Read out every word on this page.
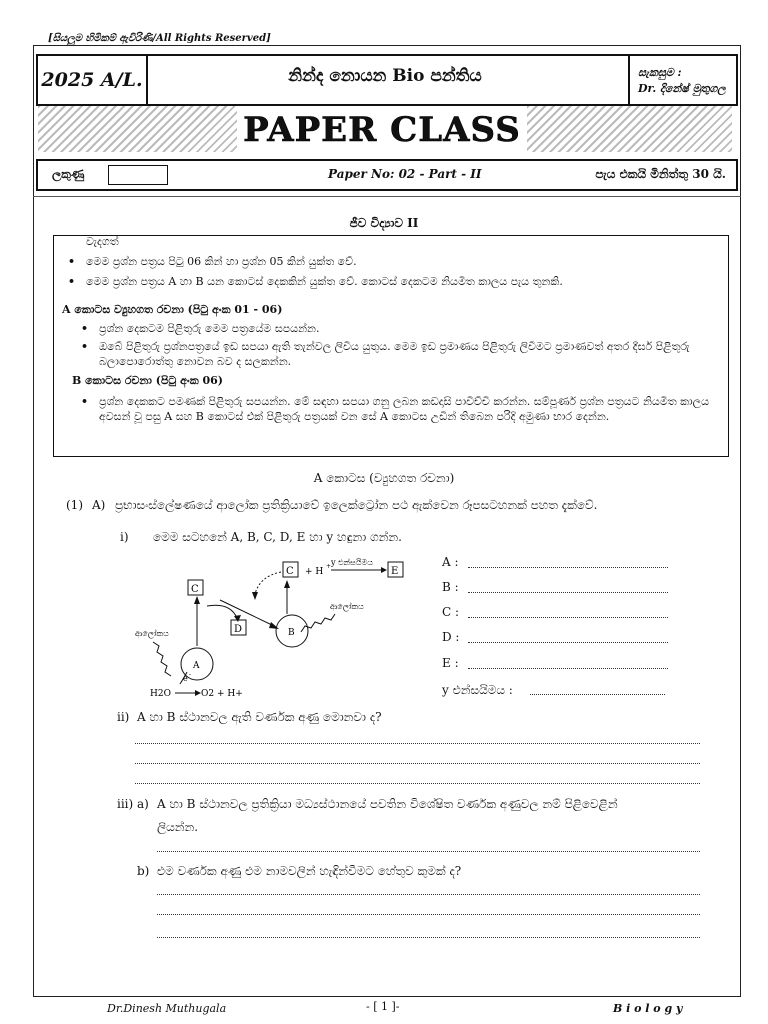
[සියලුම හිමිකම් ඇවිරිණි/All Rights Reserved]
2025 A/L.	නින්ද නොයන Bio පන්තිය	සැකසුම :
Dr. දිනේෂ් මුතුගල
PAPER CLASS
ලකුණු	Paper No: 02 - Part - II	පැය එකයි මිනිත්තු 30 යි.
ජීව විද්‍යාව II
වැදගත්
• මෙම ප්‍රශ්න පත්‍රය පිටු 06 කින් හා ප්‍රශ්න 05 කින් යුක්ත වේ.
• මෙම ප්‍රශ්න පත්‍රය A හා B යන කොටස් දෙකකින් යුක්ත වේ. කොටස් දෙකටම නියමිත කාලය පැය තුනකි.
A කොටස ව්‍යුහගත රචනා (පිටු අංක 01 - 06)
• ප්‍රශ්න දෙකටම පිළිතුරු මෙම පත්‍රයේම සපයන්න.
• ඔබේ පිළිතුරු ප්‍රශ්නපත්‍රයේ ඉඩ සපයා ඇති තැන්වල ලිවිය යුතුය. මෙම ඉඩ ප්‍රමාණය පිළිතුරු ලිවීමට ප්‍රමාණවත් අතර දීර්ඝ පිළිතුරු බලාපොරොත්තු නොවන බව ද සලකන්න.
B කොටස රචනා (පිටු අංක 06)
• ප්‍රශ්න දෙකකට පමණක් පිළිතුරු සපයන්න. මේ සඳහා සපයා ගනු ලබන කඩදාසි පාවිච්චි කරන්න. සම්පූර්ණ ප්‍රශ්න පත්‍රයට නියමිත කාලය අවසන් වූ පසු A සහ B කොටස් එක් පිළිතුරු පත්‍රයක් වන සේ A කොටස උඩින් තිබෙන පරිදි අමුණා භාර දෙන්න.
A කොටස (ව්‍යුහගත රචනා)
(1) A) ප්‍රභාසංස්ලේෂණයේ ආලෝක ප්‍රතික්‍රියාවේ ඉලෙක්ට්‍රෝන පථ ඇක්වෙන රූපසටහනක් පහත දැක්වේ.
i) මෙම සටහනේ A, B, C, D, E හා y හඳුනා ගන්න.
C
D
C + H
+ y එන්සයිමය
E
B
A
ආලෝකය
ආලෝකය
e -
H2O	O2 + H+
A :
B :
C :
D :
E :
y එන්සයිමය :
ii) A හා B ස්ථානවල ඇති වර්ණක අණු මොනවා ද?
iii) a) A හා B ස්ථානවල ප්‍රතික්‍රියා මධ්‍යස්ථානයේ පවතින විශේෂිත වර්ණක අණුවල නම් පිළිවෙළින්
ලියන්න.
b) එම වර්ණක අණු එම නාමවලින් හැඳින්වීමට හේතුව කුමක් ද?
Dr.Dinesh Muthugala	- [ 1 ]-	B i o l o g y
